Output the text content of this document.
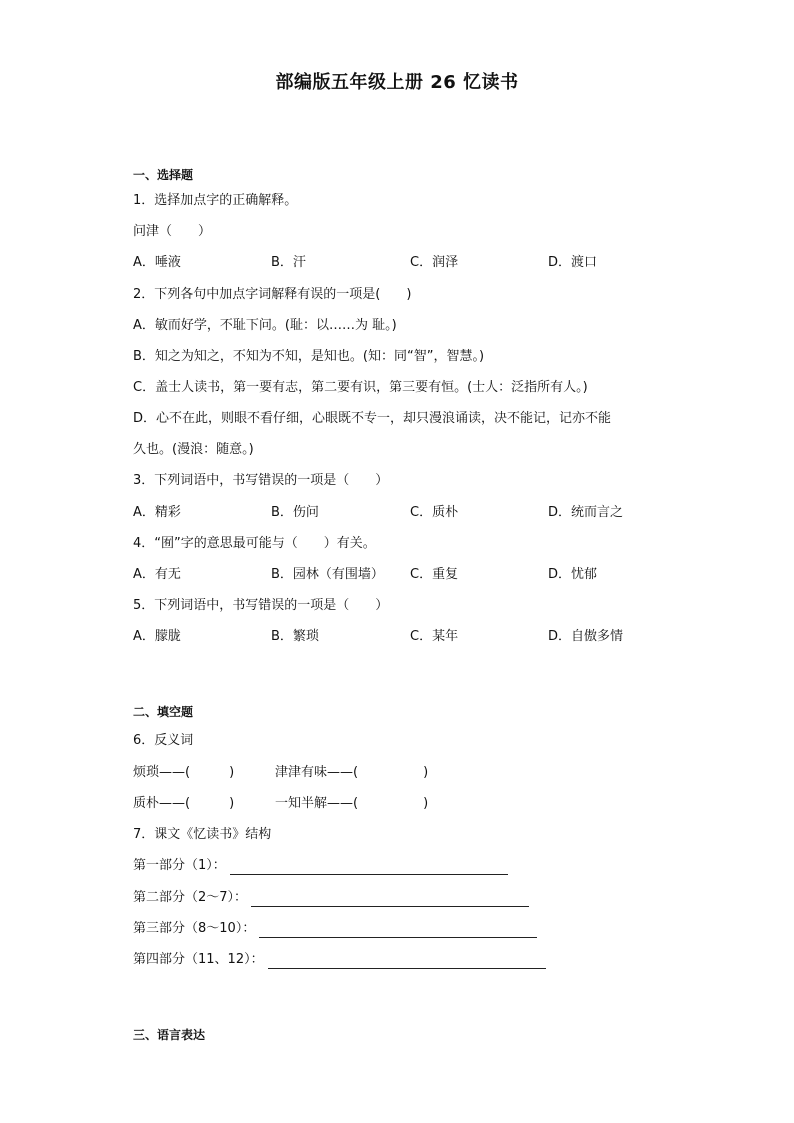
部编版五年级上册 26 忆读书
一、选择题
1．选择加点字的正确解释。
问津（　　）
A．唾液	B．汗	C．润泽	D．渡口
2．下列各句中加点字词解释有误的一项是(　　)
A．敏而好学，不耻下问。(耻：以……为 耻。)
B．知之为知之，不知为不知，是知也。(知：同“智”，智慧。)
C．盖士人读书，第一要有志，第二要有识，第三要有恒。(士人：泛指所有人。)
D．心不在此，则眼不看仔细，心眼既不专一，却只漫浪诵读，决不能记，记亦不能
久也。(漫浪：随意。)
3．下列词语中，书写错误的一项是（　　）
A．精彩	B．伤问	C．质朴	D．统而言之
4．“囿”字的意思最可能与（　　）有关。
A．有无	B．园林（有围墙） C．重复	D．忧郁
5．下列词语中，书写错误的一项是（　　）
A．朦胧	B．繁琐	C．某年	D．自傲多情
二、填空题
6．反义词
烦琐——(　　　)	津津有味——(　　　　　)
质朴——(　　　)	一知半解——(　　　　　)
7．课文《忆读书》结构
第一部分（1）：
第二部分（2～7）：
第三部分（8～10）：
第四部分（11、12）：
三、语言表达
